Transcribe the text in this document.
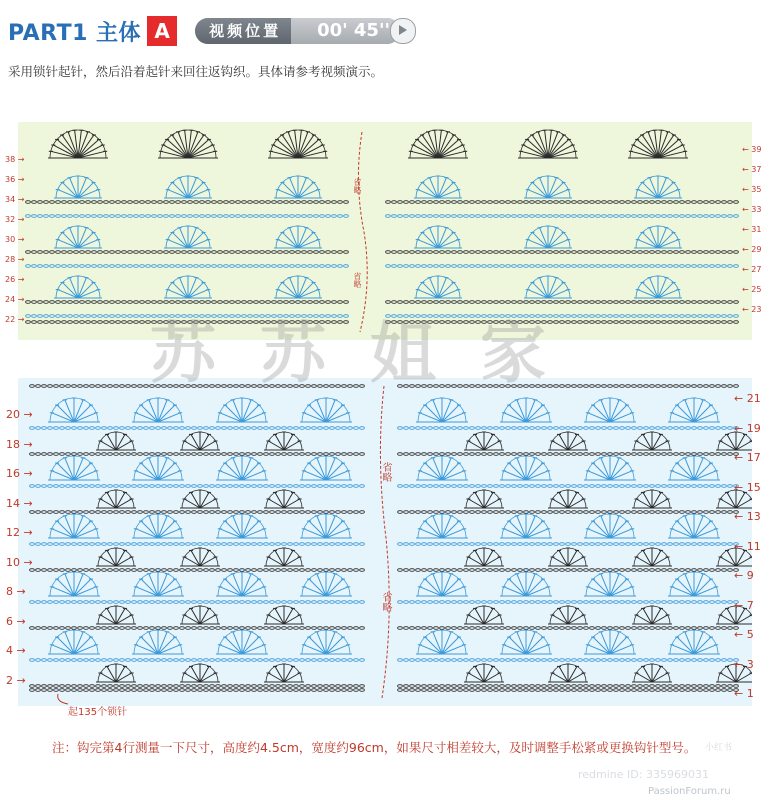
PART1 主体 A	视频位置	00' 45''
采用锁针起针，然后沿着起针来回往返钩织。具体请参考视频演示。
38 →
36 →
34 →
32 →
30 →
28 →
26 →
24 →
22 →
← 39
← 37
← 35
← 33
← 31
← 29
← 27
← 25
← 23
20 →
18 →
16 →
14 →
12 →
10 →
8 →
6 →
4 →
2 →
← 21
← 19
← 17
← 15
← 13
← 11
← 9
← 7
← 5
← 3
← 1
省略
省略
省略
省略
起135个锁针
苏苏姐家
注：钩完第4行测量一下尺寸，高度约4.5cm，宽度约96cm，如果尺寸相差较大，及时调整手松紧或更换钩针型号。 小红书
redmine ID: 335969031
PassionForum.ru
